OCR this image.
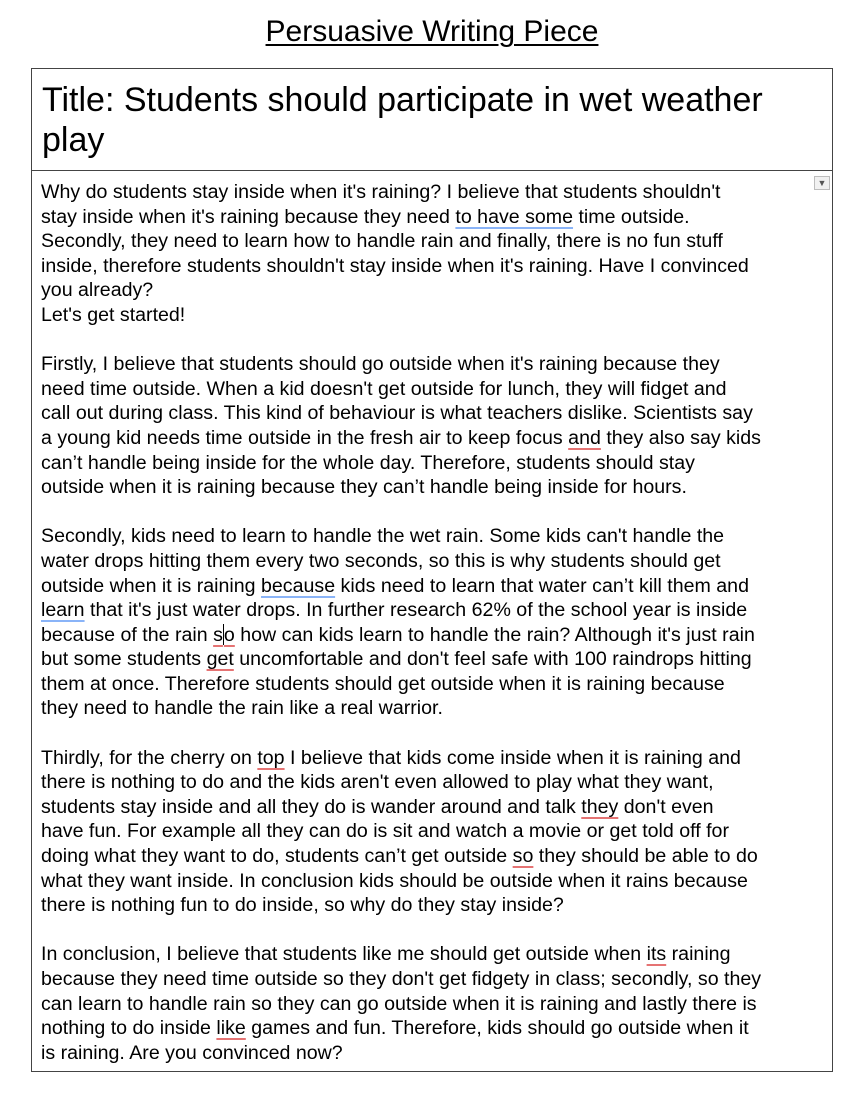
Persuasive Writing Piece
Title: Students should participate in wet weather
play
▼
Why do students stay inside when it's raining? I believe that students shouldn't
stay inside when it's raining because they need to have some time outside.
Secondly, they need to learn how to handle rain and finally, there is no fun stuff
inside, therefore students shouldn't stay inside when it's raining. Have I convinced
you already?
Let's get started!
Firstly, I believe that students should go outside when it's raining because they
need time outside. When a kid doesn't get outside for lunch, they will fidget and
call out during class. This kind of behaviour is what teachers dislike. Scientists say
a young kid needs time outside in the fresh air to keep focus and they also say kids
can’t handle being inside for the whole day. Therefore, students should stay
outside when it is raining because they can’t handle being inside for hours.
Secondly, kids need to learn to handle the wet rain. Some kids can't handle the
water drops hitting them every two seconds, so this is why students should get
outside when it is raining because kids need to learn that water can’t kill them and
learn that it's just water drops. In further research 62% of the school year is inside
because of the rain so how can kids learn to handle the rain? Although it's just rain
but some students get uncomfortable and don't feel safe with 100 raindrops hitting
them at once. Therefore students should get outside when it is raining because
they need to handle the rain like a real warrior.
Thirdly, for the cherry on top I believe that kids come inside when it is raining and
there is nothing to do and the kids aren't even allowed to play what they want,
students stay inside and all they do is wander around and talk they don't even
have fun. For example all they can do is sit and watch a movie or get told off for
doing what they want to do, students can’t get outside so they should be able to do
what they want inside. In conclusion kids should be outside when it rains because
there is nothing fun to do inside, so why do they stay inside?
In conclusion, I believe that students like me should get outside when its raining
because they need time outside so they don't get fidgety in class; secondly, so they
can learn to handle rain so they can go outside when it is raining and lastly there is
nothing to do inside like games and fun. Therefore, kids should go outside when it
is raining. Are you convinced now?
